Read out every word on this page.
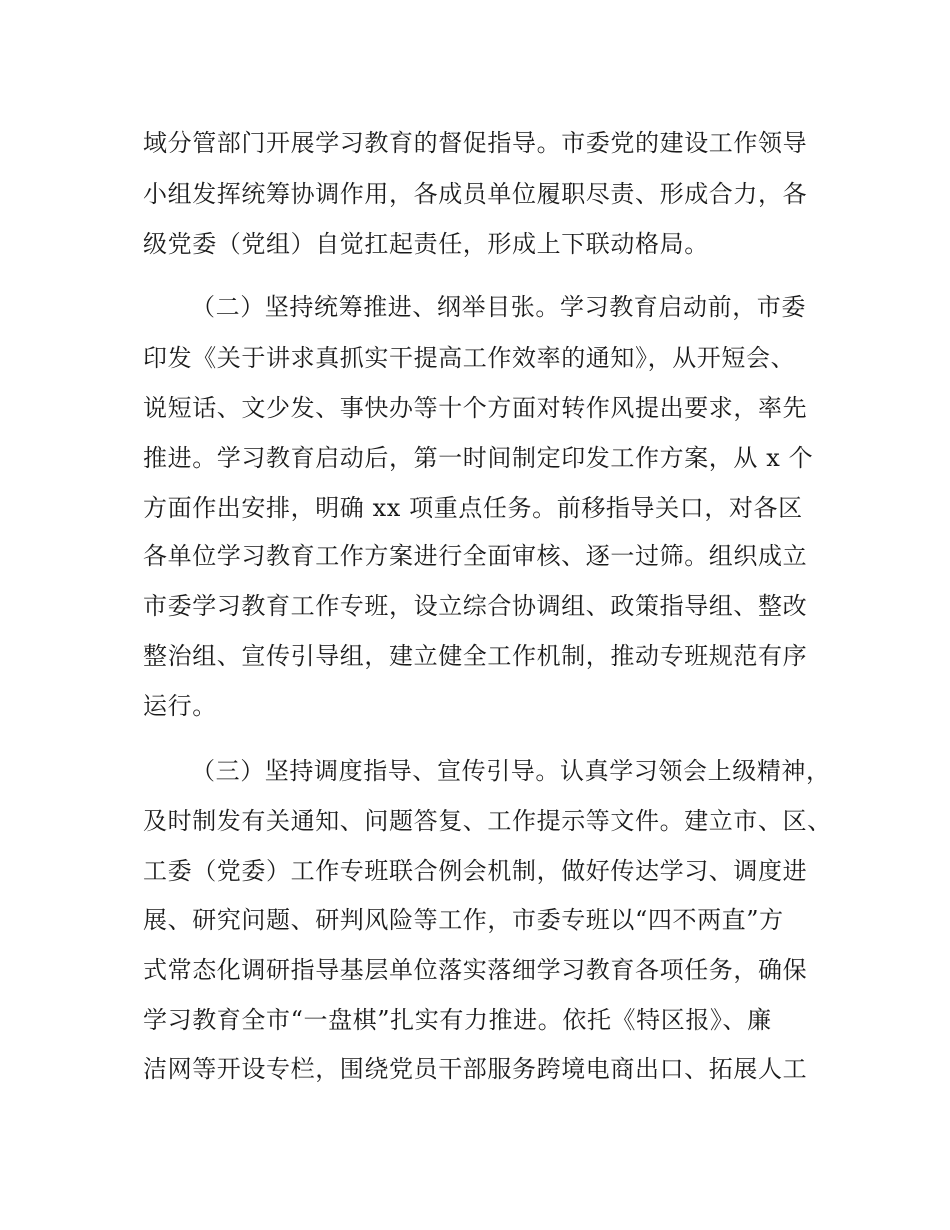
域分管部门开展学习教育的督促指导。市委党的建设工作领导
小组发挥统筹协调作用，各成员单位履职尽责、形成合力，各
级党委（党组）自觉扛起责任，形成上下联动格局。
（二）坚持统筹推进、纲举目张。学习教育启动前，市委
印发《关于讲求真抓实干提高工作效率的通知》，从开短会、
说短话、文少发、事快办等十个方面对转作风提出要求，率先
推进。学习教育启动后，第一时间制定印发工作方案，从 x 个
方面作出安排，明确 xx 项重点任务。前移指导关口，对各区
各单位学习教育工作方案进行全面审核、逐一过筛。组织成立
市委学习教育工作专班，设立综合协调组、政策指导组、整改
整治组、宣传引导组，建立健全工作机制，推动专班规范有序
运行。
（三）坚持调度指导、宣传引导。认真学习领会上级精神，
及时制发有关通知、问题答复、工作提示等文件。建立市、区、
工委（党委）工作专班联合例会机制，做好传达学习、调度进
展、研究问题、研判风险等工作，市委专班以“四不两直”方
式常态化调研指导基层单位落实落细学习教育各项任务，确保
学习教育全市“一盘棋”扎实有力推进。依托《特区报》、廉
洁网等开设专栏，围绕党员干部服务跨境电商出口、拓展人工
